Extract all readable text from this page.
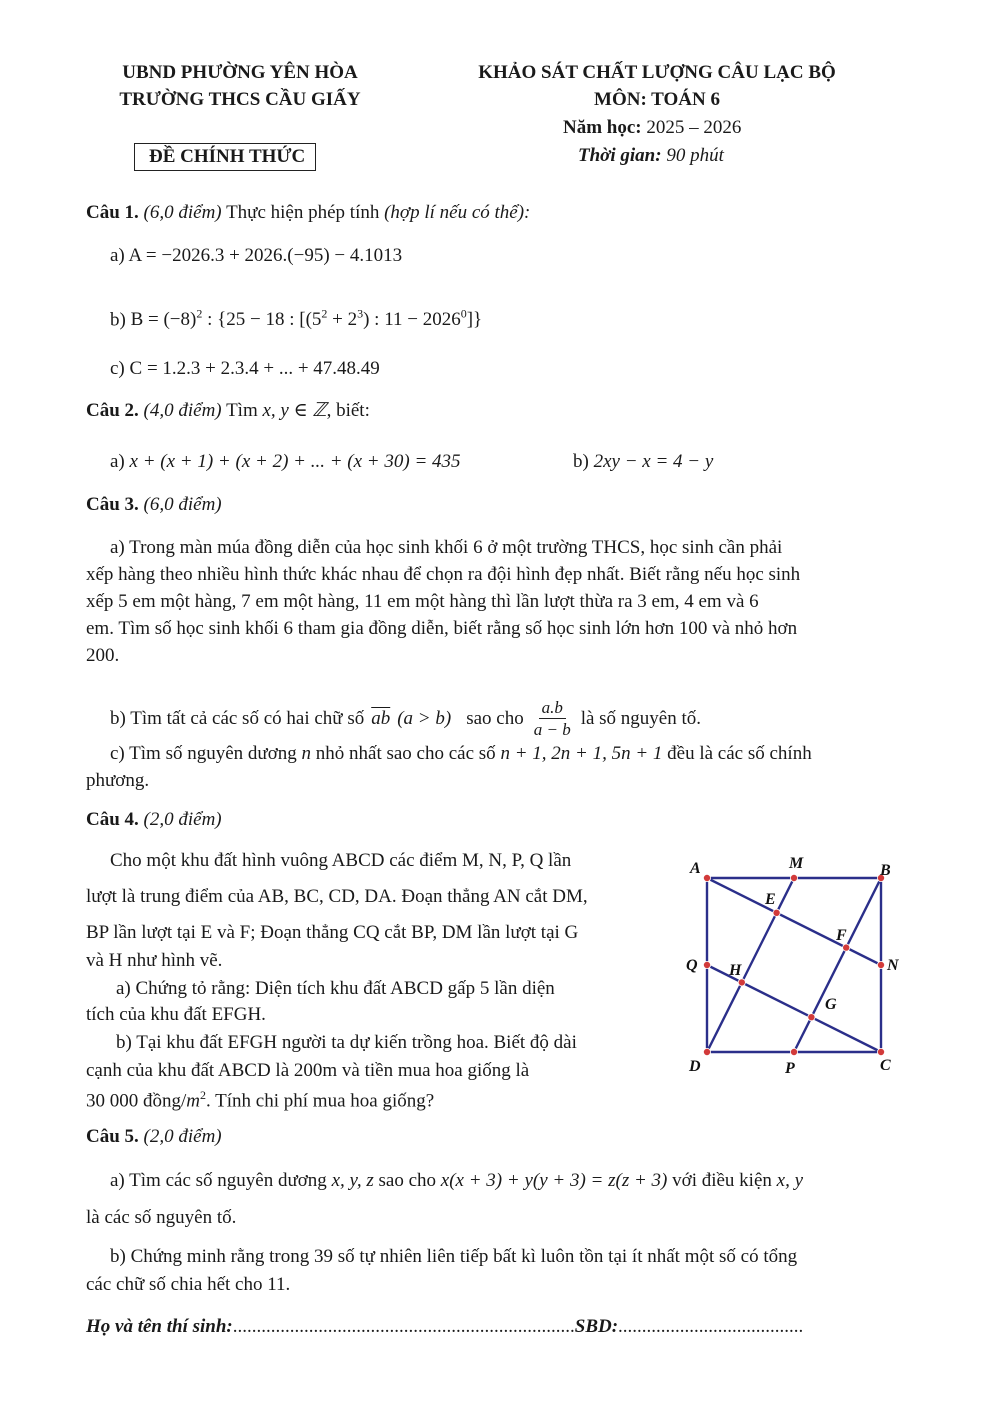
UBND PHƯỜNG YÊN HÒA
TRƯỜNG THCS CẦU GIẤY
ĐỀ CHÍNH THỨC
KHẢO SÁT CHẤT LƯỢNG CÂU LẠC BỘ
MÔN: TOÁN 6
Năm học: 2025 – 2026
Thời gian: 90 phút
Câu 1. (6,0 điểm) Thực hiện phép tính (hợp lí nếu có thể):
a) A = −2026.3 + 2026.(−95) − 4.1013
b) $B = (-8)^2$ : {25 − 18 : [$(5^2 + 2^3)$ : $11 - 2026^0$]}
c) C = 1.2.3 + 2.3.4 + ... + 47.48.49
Câu 2. (4,0 điểm) Tìm x, y ∈ ℤ, biết:
a) x + (x + 1) + (x + 2) + ... + (x + 30) = 435	b) 2xy − x = 4 − y
Câu 3. (6,0 điểm)
a) Trong màn múa đồng diễn của học sinh khối 6 ở một trường THCS, học sinh cần phải
xếp hàng theo nhiều hình thức khác nhau để chọn ra đội hình đẹp nhất. Biết rằng nếu học sinh
xếp 5 em một hàng, 7 em một hàng, 11 em một hàng thì lần lượt thừa ra 3 em, 4 em và 6
em. Tìm số học sinh khối 6 tham gia đồng diễn, biết rằng số học sinh lớn hơn 100 và nhỏ hơn
200.
b) Tìm tất cả các số có hai chữ số $\overline{ab}$ (a > b) sao cho $\frac{a.b}{a - b}$ là số nguyên tố.
c) Tìm số nguyên dương n nhỏ nhất sao cho các số n + 1, 2n + 1, 5n + 1 đều là các số chính
phương.
Câu 4. (2,0 điểm)
Cho một khu đất hình vuông ABCD các điểm M, N, P, Q lần
lượt là trung điểm của AB, BC, CD, DA. Đoạn thẳng AN cắt DM,
BP lần lượt tại E và F; Đoạn thẳng CQ cắt BP, DM lần lượt tại G
và H như hình vẽ.
a) Chứng tỏ rằng: Diện tích khu đất ABCD gấp 5 lần diện
tích của khu đất EFGH.
b) Tại khu đất EFGH người ta dự kiến trồng hoa. Biết độ dài
cạnh của khu đất ABCD là 200m và tiền mua hoa giống là
30 000 đồng/$m^2$. Tính chi phí mua hoa giống?
A	B
C
D
M
N
P
Q
E
F
G
H
Câu 5. (2,0 điểm)
a) Tìm các số nguyên dương x, y, z sao cho x(x + 3) + y(y + 3) = z(z + 3) với điều kiện x, y
là các số nguyên tố.
b) Chứng minh rằng trong 39 số tự nhiên liên tiếp bất kì luôn tồn tại ít nhất một số có tổng
các chữ số chia hết cho 11.
Họ và tên thí sinh:........................................................................SBD:.......................................
